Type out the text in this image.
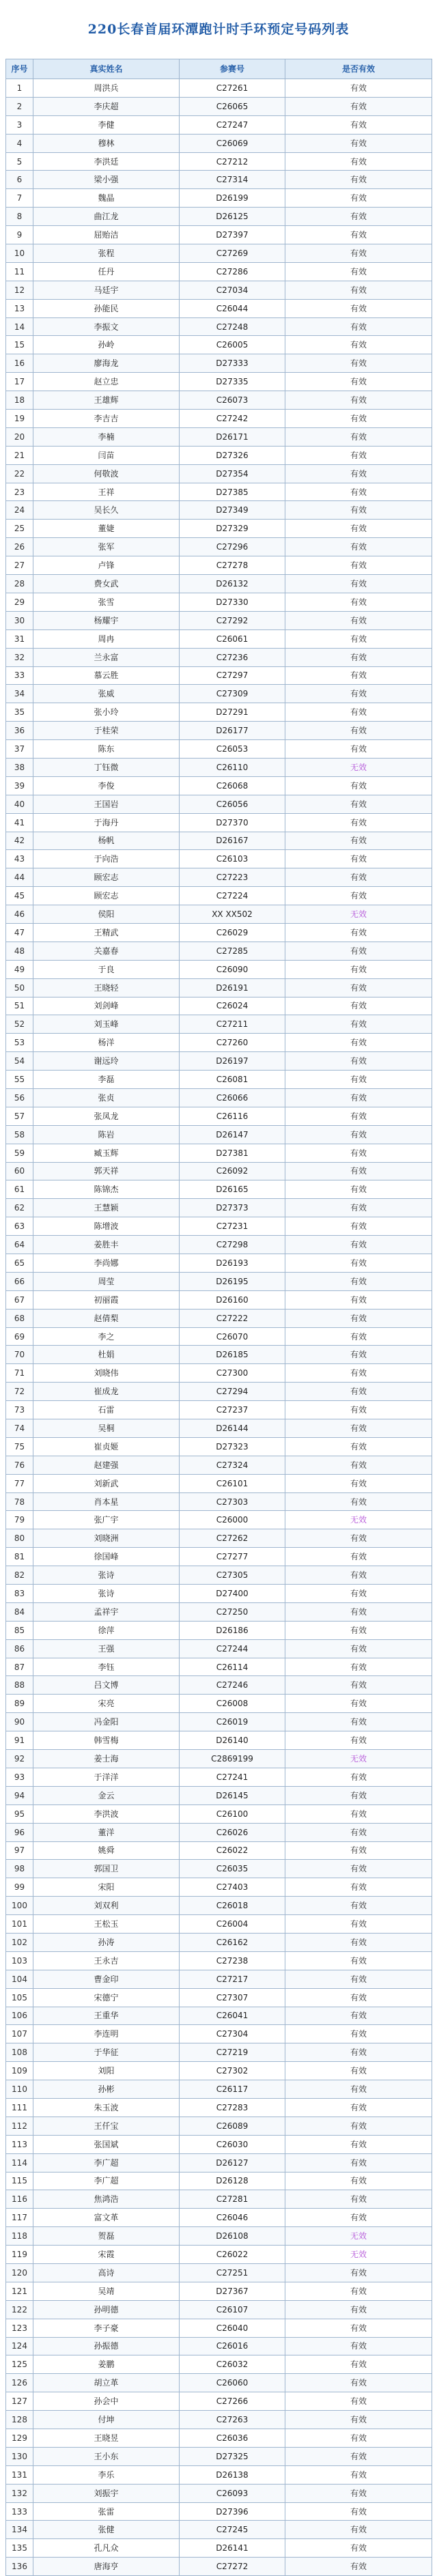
220长春首届环潭跑计时手环预定号码列表
序号	真实姓名	参赛号	是否有效
1	周洪兵	C27261	有效
2	李庆超	C26065	有效
3	李健	C27247	有效
4	穆林	C26069	有效
5	李洪廷	C27212	有效
6	梁小强	C27314	有效
7	魏晶	D26199	有效
8	曲江龙	D26125	有效
9	屈贻洁	D27397	有效
10	张程	C27269	有效
11	任丹	C27286	有效
12	马廷宇	C27034	有效
13	孙能民	C26044	有效
14	李振文	C27248	有效
15	孙岭	C26005	有效
16	廖海龙	D27333	有效
17	赵立忠	D27335	有效
18	王雄辉	C26073	有效
19	李吉吉	C27242	有效
20	李楠	D26171	有效
21	闫苗	D27326	有效
22	何敬波	D27354	有效
23	王祥	D27385	有效
24	吴长久	D27349	有效
25	董婕	D27329	有效
26	张军	C27296	有效
27	卢锋	C27278	有效
28	费女武	D26132	有效
29	张雪	D27330	有效
30	杨耀宇	C27292	有效
31	周冉	C26061	有效
32	兰永富	C27236	有效
33	慕云胜	C27297	有效
34	张威	C27309	有效
35	张小玲	D27291	有效
36	于桂荣	D26177	有效
37	陈东	C26053	有效
38	丁钰微	C26110	无效
39	李俊	C26068	有效
40	王国岩	C26056	有效
41	于海丹	D27370	有效
42	杨帆	D26167	有效
43	于向浩	C26103	有效
44	顾宏志	C27223	有效
45	顾宏志	C27224	有效
46	侯阳	XX XX502	无效
47	王精武	C26029	有效
48	关嘉春	C27285	有效
49	于良	C26090	有效
50	王晓轻	D26191	有效
51	刘剑峰	C26024	有效
52	刘玉峰	C27211	有效
53	杨洋	C27260	有效
54	谢远玲	D26197	有效
55	李磊	C26081	有效
56	张贞	C26066	有效
57	张凤龙	C26116	有效
58	陈岩	D26147	有效
59	臧玉辉	D27381	有效
60	郭天祥	C26092	有效
61	陈锦杰	D26165	有效
62	王慧颖	D27373	有效
63	陈增波	C27231	有效
64	姜胜丰	C27298	有效
65	李尚娜	D26193	有效
66	周莹	D26195	有效
67	初丽霞	D26160	有效
68	赵倩梨	C27222	有效
69	李之	C26070	有效
70	杜娟	D26185	有效
71	刘晓伟	C27300	有效
72	崔成龙	C27294	有效
73	石雷	C27237	有效
74	吴桐	D26144	有效
75	崔贞姬	D27323	有效
76	赵建强	C27324	有效
77	刘新武	C26101	有效
78	肖本星	C27303	有效
79	张广宇	C26000	无效
80	刘晓洲	C27262	有效
81	徐国峰	C27277	有效
82	张诗	C27305	有效
83	张诗	D27400	有效
84	孟祥宇	C27250	有效
85	徐萍	D26186	有效
86	王强	C27244	有效
87	李钰	C26114	有效
88	吕文博	C27246	有效
89	宋亮	C26008	有效
90	冯金阳	C26019	有效
91	韩雪梅	D26140	有效
92	姜士海	C2869199	无效
93	于洋洋	C27241	有效
94	金云	D26145	有效
95	李洪波	C26100	有效
96	董洋	C26026	有效
97	姚舜	C26022	有效
98	郭国卫	C26035	有效
99	宋阳	C27403	有效
100	刘双利	C26018	有效
101	王松玉	C26004	有效
102	孙涛	C26162	有效
103	王永吉	C27238	有效
104	曹金印	C27217	有效
105	宋德宁	C27307	有效
106	王重华	C26041	有效
107	李连明	C27304	有效
108	于华征	C27219	有效
109	刘阳	C27302	有效
110	孙彬	C26117	有效
111	朱玉波	C27283	有效
112	王仟宝	C26089	有效
113	张国斌	C26030	有效
114	李广超	D26127	有效
115	李广超	D26128	有效
116	焦鸿浩	C27281	有效
117	富文革	C26046	有效
118	贺磊	D26108	无效
119	宋霞	C26022	无效
120	高诗	C27251	有效
121	吴靖	D27367	有效
122	孙明德	C26107	有效
123	李子豪	C26040	有效
124	孙振德	C26016	有效
125	姜鹏	C26032	有效
126	胡立革	C26060	有效
127	孙会中	C27266	有效
128	付坤	C27263	有效
129	王晓昱	C26036	有效
130	王小东	D27325	有效
131	李乐	D26138	有效
132	刘振宇	C26093	有效
133	张雷	D27396	有效
134	张健	C27245	有效
135	孔凡众	D26141	有效
136	唐海亨	C27272	有效
